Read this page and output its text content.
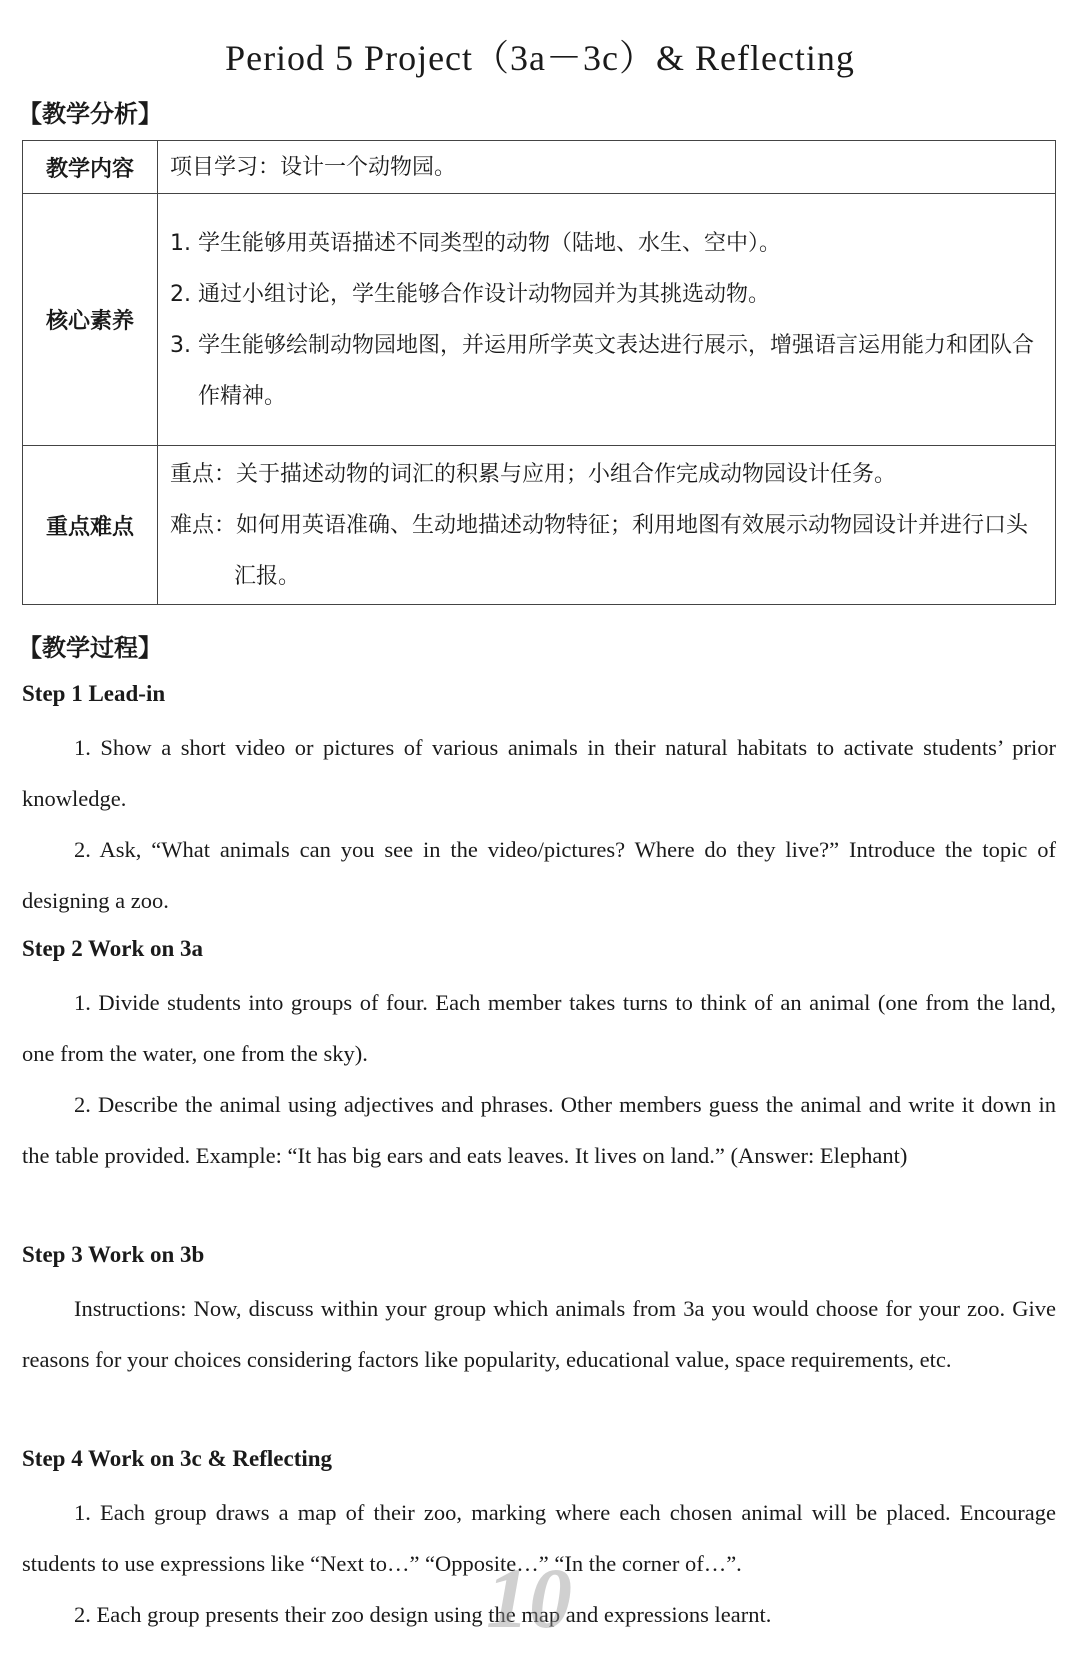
Period 5 Project（3a－3c）& Reflecting
【教学分析】
教学内容	项目学习：设计一个动物园。

核心素养	1. 学生能够用英语描述不同类型的动物（陆地、水生、空中）。
2. 通过小组讨论，学生能够合作设计动物园并为其挑选动物。
3. 学生能够绘制动物园地图，并运用所学英文表达进行展示，增强语言运用能力和团队合作精神。

重点难点	重点：关于描述动物的词汇的积累与应用；小组合作完成动物园设计任务。
难点：如何用英语准确、生动地描述动物特征；利用地图有效展示动物园设计并进行口头汇报。
【教学过程】
Step 1 Lead-in
1. Show a short video or pictures of various animals in their natural habitats to activate students’ prior knowledge.
2. Ask, “What animals can you see in the video/pictures? Where do they live?” Introduce the topic of designing a zoo.
Step 2 Work on 3a
1. Divide students into groups of four. Each member takes turns to think of an animal (one from the land, one from the water, one from the sky).
2. Describe the animal using adjectives and phrases. Other members guess the animal and write it down in the table provided. Example: “It has big ears and eats leaves. It lives on land.” (Answer: Elephant)
Step 3 Work on 3b
Instructions: Now, discuss within your group which animals from 3a you would choose for your zoo. Give reasons for your choices considering factors like popularity, educational value, space requirements, etc.
Step 4 Work on 3c & Reflecting
1. Each group draws a map of their zoo, marking where each chosen animal will be placed. Encourage students to use expressions like “Next to…” “Opposite…” “In the corner of…”.
2. Each group presents their zoo design using the map and expressions learnt.
10
